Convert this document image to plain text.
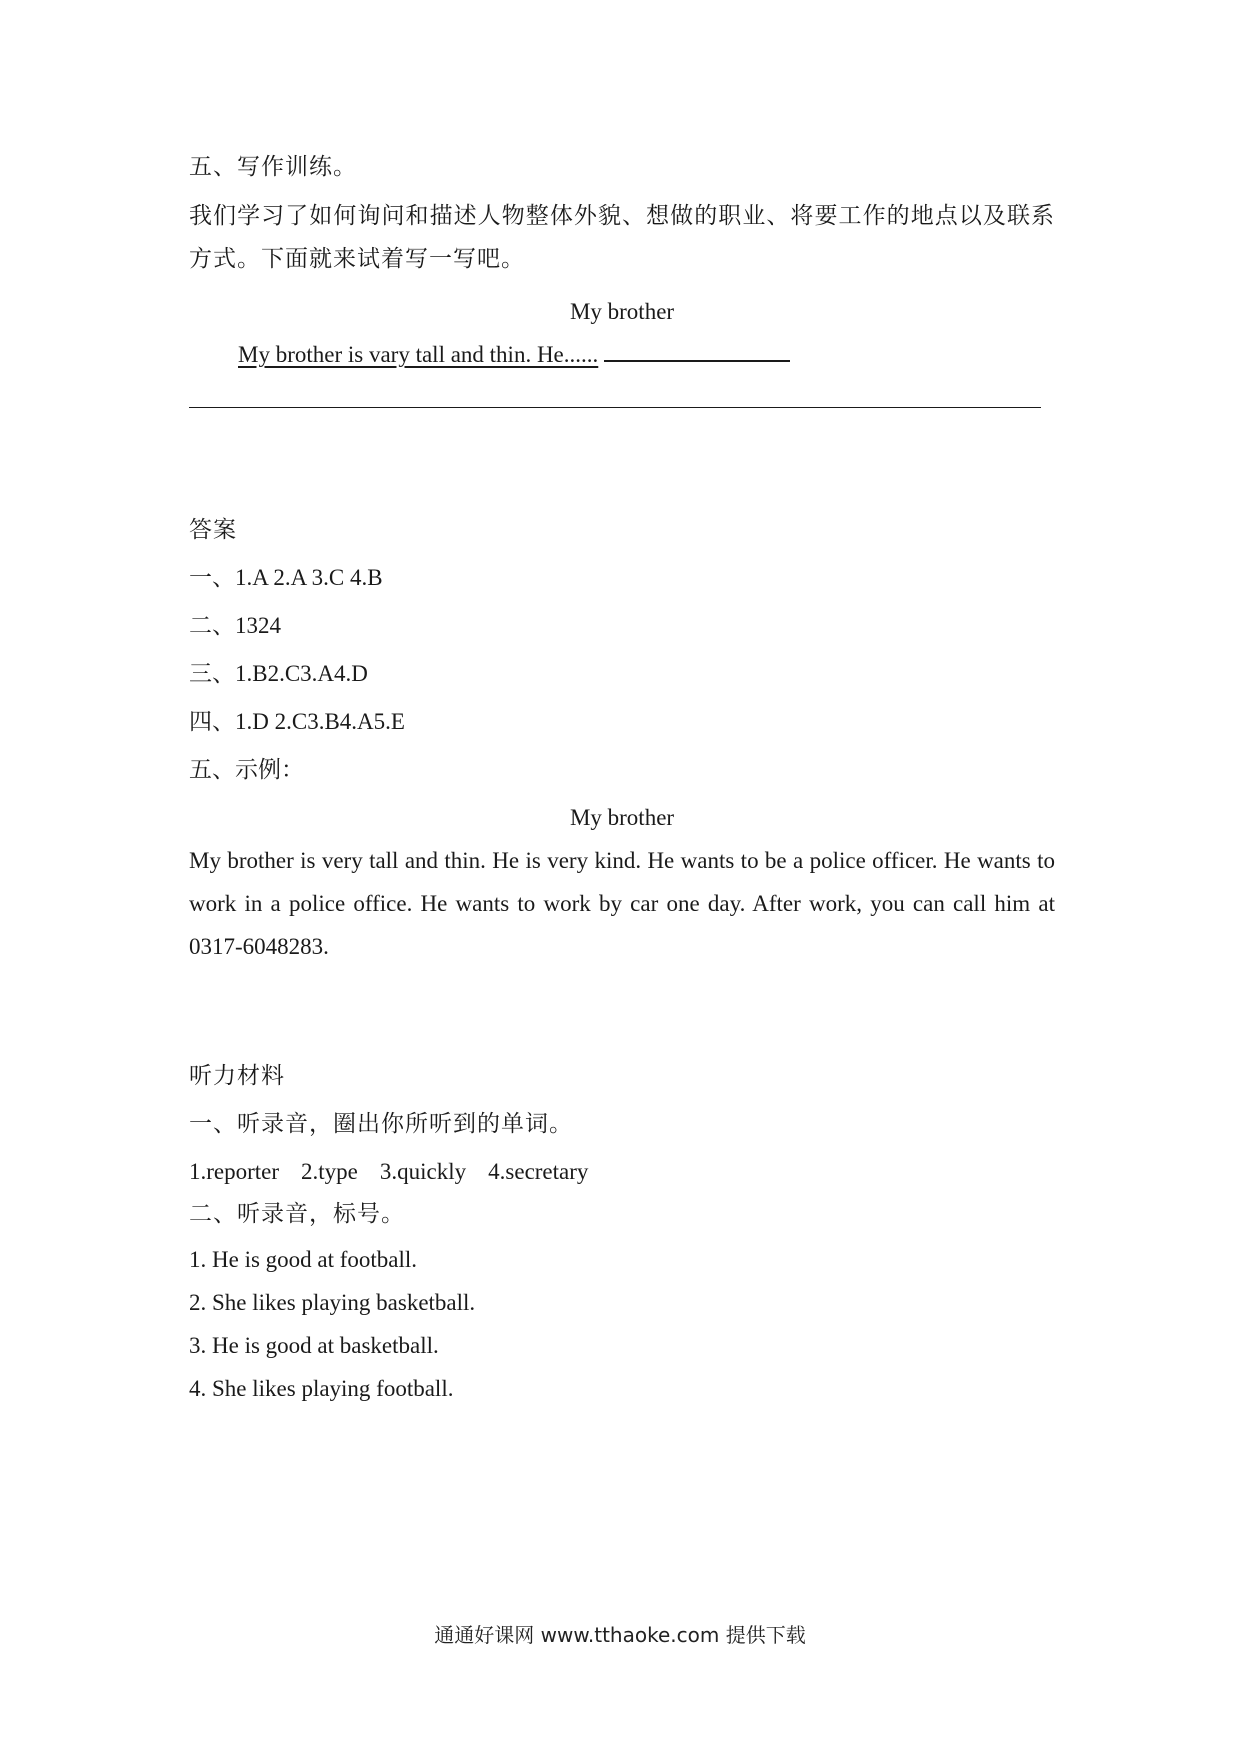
五、写作训练。
我们学习了如何询问和描述人物整体外貌、想做的职业、将要工作的地点以及联系方式。下面就来试着写一写吧。
My brother
My brother is vary tall and thin. He......
答案
一、1.A 2.A 3.C 4.B
二、1324
三、1.B2.C3.A4.D
四、1.D 2.C3.B4.A5.E
五、示例：
My brother
My brother is very tall and thin. He is very kind. He wants to be a police officer. He wants to work in a police office. He wants to work by car one day. After work, you can call him at 0317-6048283.
听力材料
一、听录音，圈出你所听到的单词。
1.reporter 2.type 3.quickly 4.secretary
二、听录音，标号。
1. He is good at football.
2. She likes playing basketball.
3. He is good at basketball.
4. She likes playing football.
通通好课网 www.tthaoke.com 提供下载
